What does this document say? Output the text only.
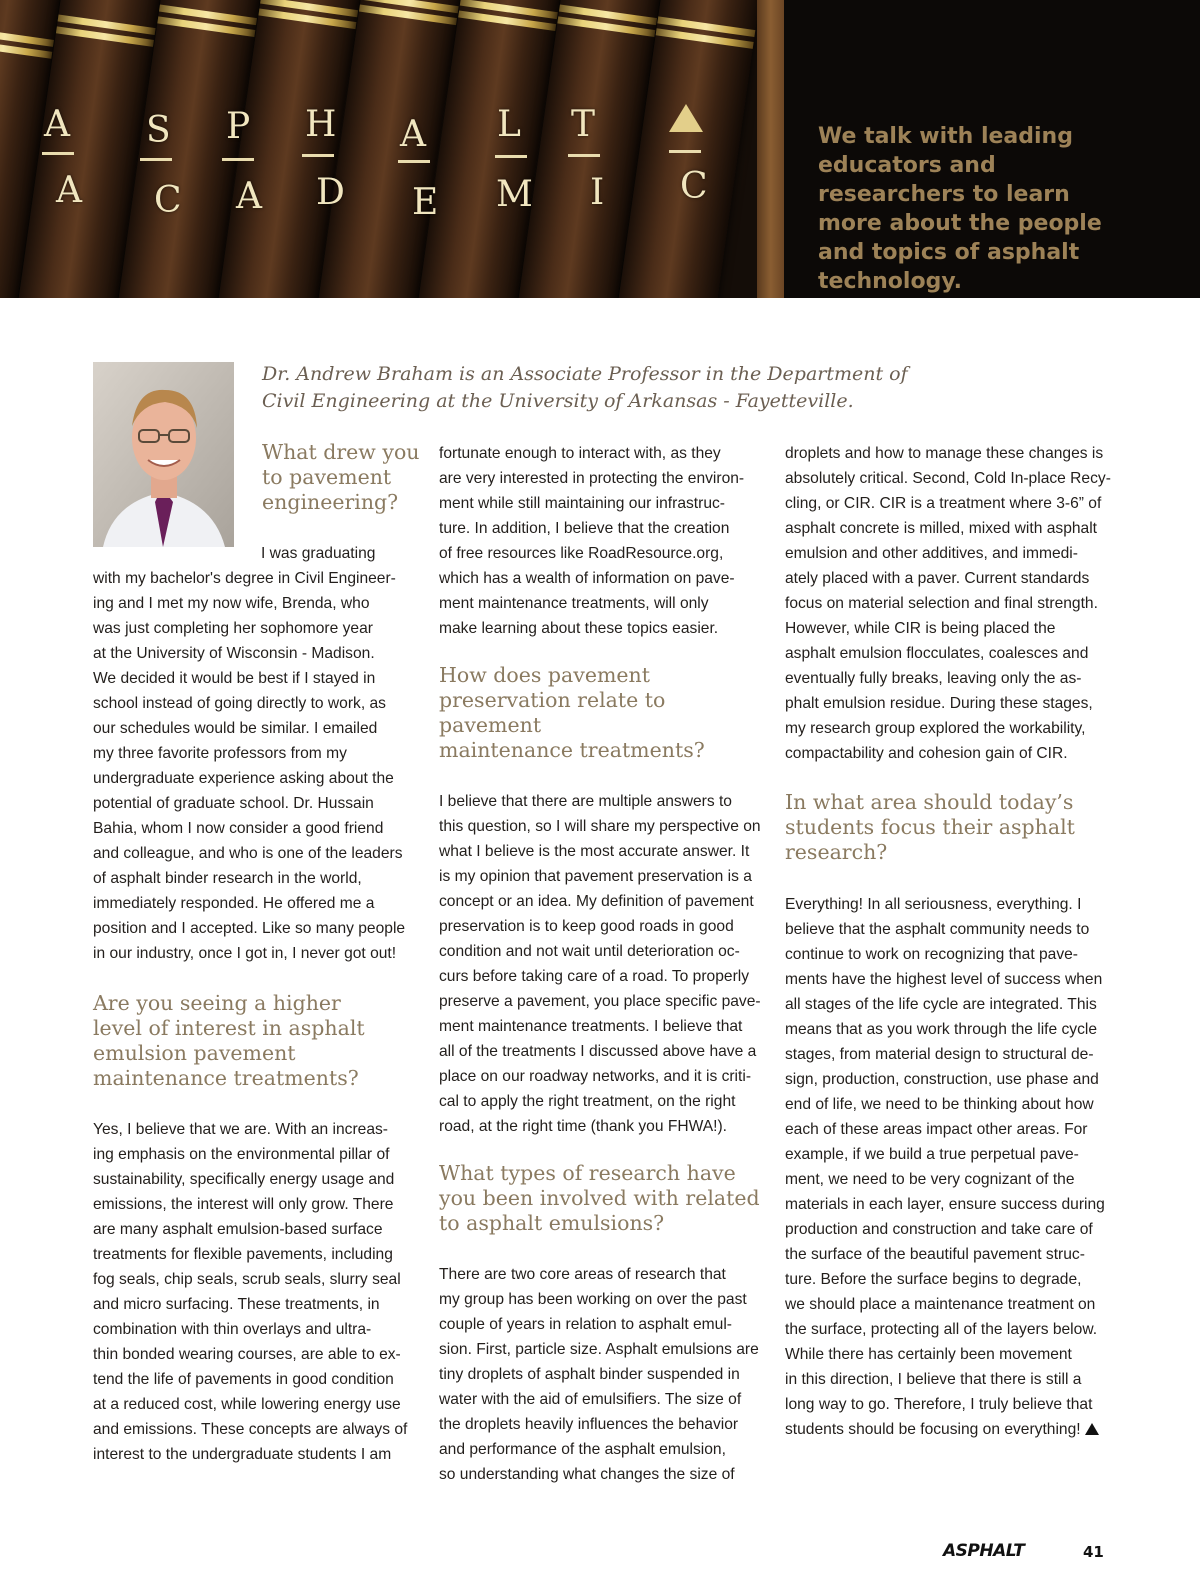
A S P H A L T
A C A D E M I C
We talk with leading educators and researchers to learn more about the people and topics of asphalt technology.
Dr. Andrew Braham is an Associate Professor in the Department of
Civil Engineering at the University of Arkansas - Fayetteville.
What drew you
to pavement
engineering?

I was graduating

with my bachelor's degree in Civil Engineer-

ing and I met my now wife, Brenda, who

was just completing her sophomore year

at the University of Wisconsin - Madison.

We decided it would be best if I stayed in

school instead of going directly to work, as

our schedules would be similar. I emailed

my three favorite professors from my

undergraduate experience asking about the

potential of graduate school. Dr. Hussain

Bahia, whom I now consider a good friend

and colleague, and who is one of the leaders

of asphalt binder research in the world,

immediately responded. He offered me a

position and I accepted. Like so many people

in our industry, once I got in, I never got out!

Are you seeing a higher
level of interest in asphalt
emulsion pavement
maintenance treatments?

Yes, I believe that we are. With an increas-

ing emphasis on the environmental pillar of

sustainability, specifically energy usage and

emissions, the interest will only grow. There

are many asphalt emulsion-based surface

treatments for flexible pavements, including

fog seals, chip seals, scrub seals, slurry seal

and micro surfacing. These treatments, in

combination with thin overlays and ultra-

thin bonded wearing courses, are able to ex-

tend the life of pavements in good condition

at a reduced cost, while lowering energy use

and emissions. These concepts are always of

interest to the undergraduate students I am

fortunate enough to interact with, as they

are very interested in protecting the environ-

ment while still maintaining our infrastruc-

ture. In addition, I believe that the creation

of free resources like RoadResource.org,

which has a wealth of information on pave-

ment maintenance treatments, will only

make learning about these topics easier.

How does pavement
preservation relate to pavement
maintenance treatments?

I believe that there are multiple answers to

this question, so I will share my perspective on

what I believe is the most accurate answer. It

is my opinion that pavement preservation is a

concept or an idea. My definition of pavement

preservation is to keep good roads in good

condition and not wait until deterioration oc-

curs before taking care of a road. To properly

preserve a pavement, you place specific pave-

ment maintenance treatments. I believe that

all of the treatments I discussed above have a

place on our roadway networks, and it is criti-

cal to apply the right treatment, on the right

road, at the right time (thank you FHWA!).

What types of research have
you been involved with related
to asphalt emulsions?

There are two core areas of research that

my group has been working on over the past

couple of years in relation to asphalt emul-

sion. First, particle size. Asphalt emulsions are

tiny droplets of asphalt binder suspended in

water with the aid of emulsifiers. The size of

the droplets heavily influences the behavior

and performance of the asphalt emulsion,

so understanding what changes the size of

droplets and how to manage these changes is

absolutely critical. Second, Cold In-place Recy-

cling, or CIR. CIR is a treatment where 3-6” of

asphalt concrete is milled, mixed with asphalt

emulsion and other additives, and immedi-

ately placed with a paver. Current standards

focus on material selection and final strength.

However, while CIR is being placed the

asphalt emulsion flocculates, coalesces and

eventually fully breaks, leaving only the as-

phalt emulsion residue. During these stages,

my research group explored the workability,

compactability and cohesion gain of CIR.

In what area should today’s
students focus their asphalt
research?

Everything! In all seriousness, everything. I

believe that the asphalt community needs to

continue to work on recognizing that pave-

ments have the highest level of success when

all stages of the life cycle are integrated. This

means that as you work through the life cycle

stages, from material design to structural de-

sign, production, construction, use phase and

end of life, we need to be thinking about how

each of these areas impact other areas. For

example, if we build a true perpetual pave-

ment, we need to be very cognizant of the

materials in each layer, ensure success during

production and construction and take care of

the surface of the beautiful pavement struc-

ture. Before the surface begins to degrade,

we should place a maintenance treatment on

the surface, protecting all of the layers below.

While there has certainly been movement

in this direction, I believe that there is still a

long way to go. Therefore, I truly believe that

students should be focusing on everything!

ASPHALT	41
